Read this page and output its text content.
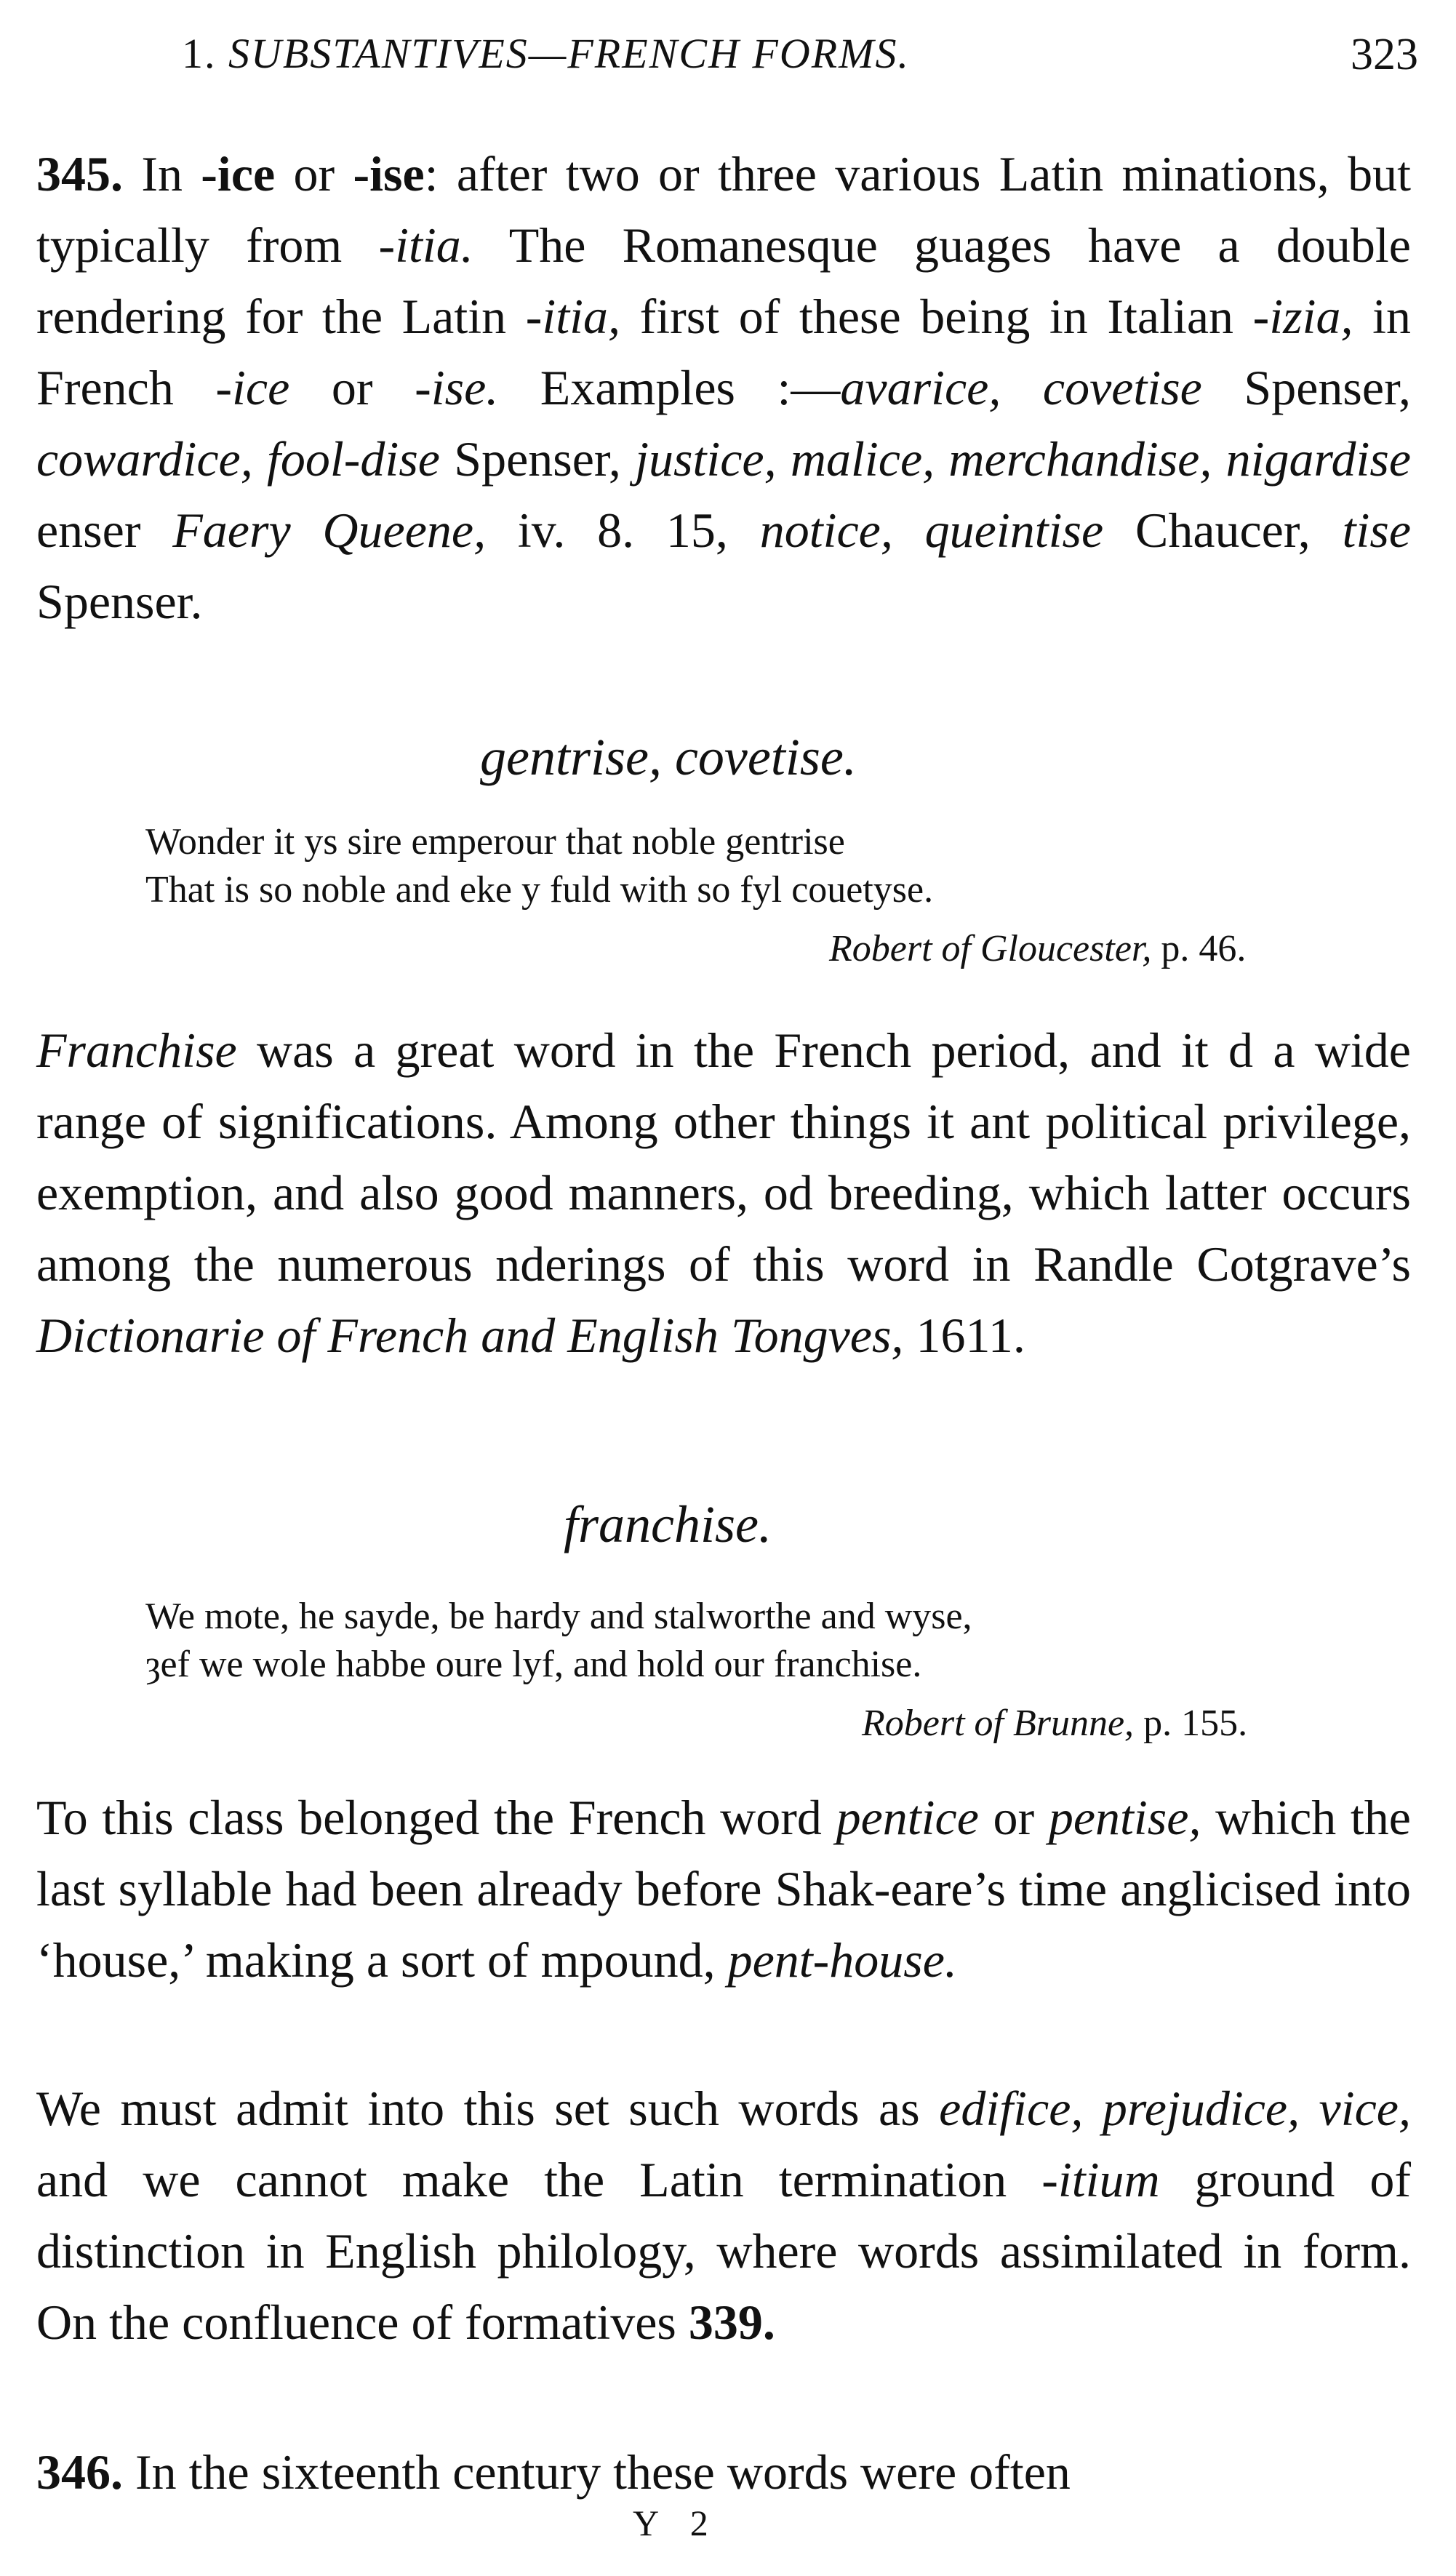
1. SUBSTANTIVES—FRENCH FORMS.	323
345. In -ice or -ise: after two or three various Latin minations, but typically from -itia. The Romanesque guages have a double rendering for the Latin -itia, first of these being in Italian -izia, in French -ice or -ise. Examples :—avarice, covetise Spenser, cowardice, fool-dise Spenser, justice, malice, merchandise, nigardise enser Faery Queene, iv. 8. 15, notice, queintise Chaucer, tise Spenser.
gentrise, covetise.
Wonder it ys sire emperour that noble gentrise
That is so noble and eke y fuld with so fyl couetyse.
Robert of Gloucester, p. 46.
Franchise was a great word in the French period, and it d a wide range of significations. Among other things it ant political privilege, exemption, and also good manners, od breeding, which latter occurs among the numerous nderings of this word in Randle Cotgrave’s Dictionarie of French and English Tongves, 1611.
franchise.
We mote, he sayde, be hardy and stalworthe and wyse,
ȝef we wole habbe oure lyf, and hold our franchise.
Robert of Brunne, p. 155.
To this class belonged the French word pentice or pentise, which the last syllable had been already before Shak-eare’s time anglicised into ‘house,’ making a sort of mpound, pent-house.
We must admit into this set such words as edifice, prejudice, vice, and we cannot make the Latin termination -itium ground of distinction in English philology, where words assimilated in form. On the confluence of formatives 339.
346. In the sixteenth century these words were often
Y 2
